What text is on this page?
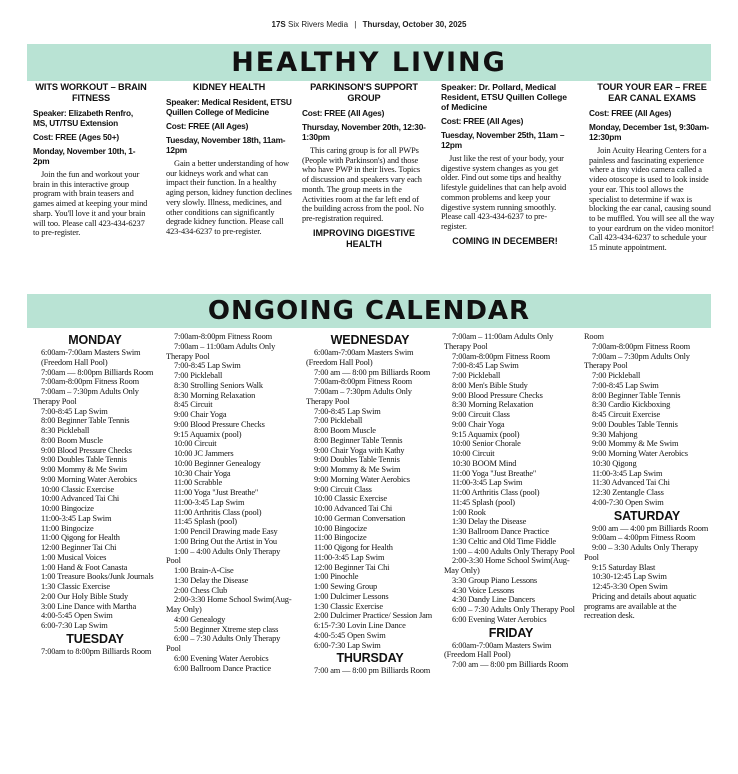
17S Six Rivers Media | Thursday, October 30, 2025
HEALTHY LIVING
WITS WORKOUT – BRAIN FITNESS
Speaker: Elizabeth Renfro, MS, UT/TSU Extension
Cost: FREE (Ages 50+)
Monday, November 10th, 1-2pm

Join the fun and workout your brain in this interactive group program with brain teasers and games aimed at keeping your mind sharp. You'll love it and your brain will too. Please call 423-434-6237 to pre-register.

KIDNEY HEALTH
Speaker: Medical Resident, ETSU Quillen College of Medicine
Cost: FREE (All Ages)
Tuesday, November 18th, 11am-12pm

Gain a better understanding of how our kidneys work and what can impact their function. In a healthy aging person, kidney function declines very slowly. Illness, medicines, and other conditions can significantly degrade kidney function. Please call 423-434-6237 to pre-register.

PARKINSON'S SUPPORT GROUP
Cost: FREE (All Ages)
Thursday, November 20th, 12:30-1:30pm

This caring group is for all PWPs (People with Parkinson's) and those who have PWP in their lives. Topics of discussion and speakers vary each month. The group meets in the Activities room at the far left end of the building across from the pool. No pre-registration required.

IMPROVING DIGESTIVE HEALTH
Speaker: Dr. Pollard, Medical Resident, ETSU Quillen College of Medicine
Cost: FREE (All Ages)
Tuesday, November 25th, 11am – 12pm

Just like the rest of your body, your digestive system changes as you get older. Find out some tips and healthy lifestyle guidelines that can help avoid common problems and keep your digestive system running smoothly. Please call 423-434-6237 to pre-register.

COMING IN DECEMBER!
TOUR YOUR EAR – FREE EAR CANAL EXAMS
Cost: FREE (All Ages)
Monday, December 1st, 9:30am-12:30pm

Join Acuity Hearing Centers for a painless and fascinating experience where a tiny video camera called a video otoscope is used to look inside your ear. This tool allows the specialist to determine if wax is blocking the ear canal, causing sound to be muffled. You will see all the way to your eardrum on the video monitor! Call 423-434-6237 to schedule your 15 minute appointment.

ONGOING CALENDAR
MONDAY
6:00am-7:00am Masters Swim
(Freedom Hall Pool)
7:00am — 8:00pm Billiards Room
7:00am-8:00pm Fitness Room
7:00am – 7:30pm Adults Only Therapy Pool
7:00-8:45 Lap Swim
8:00 Beginner Table Tennis
8:30 Pickleball
8:00 Boom Muscle
9:00 Blood Pressure Checks
9:00 Doubles Table Tennis
9:00 Mommy & Me Swim
9:00 Morning Water Aerobics
10:00 Classic Exercise
10:00 Advanced Tai Chi
10:00 Bingocize
11:00-3:45 Lap Swim
11:00 Bingocize
11:00 Qigong for Health
12:00 Beginner Tai Chi
1:00 Musical Voices
1:00 Hand & Foot Canasta
1:00 Treasure Books/Junk Journals
1:30 Classic Exercise
2:00 Our Holy Bible Study
3:00 Line Dance with Martha
4:00-5:45 Open Swim
6:00-7:30 Lap Swim
TUESDAY
7:00am to 8:00pm Billiards Room
7:00am-8:00pm Fitness Room
7:00am – 11:00am Adults Only Therapy Pool
7:00-8:45 Lap Swim
7:00 Pickleball
8:30 Strolling Seniors Walk
8:30 Morning Relaxation
8:45 Circuit
9:00 Chair Yoga
9:00 Blood Pressure Checks
9:15 Aquamix (pool)
10:00 Circuit
10:00 JC Jammers
10:00 Beginner Genealogy
10:30 Chair Yoga
11:00 Scrabble
11:00 Yoga "Just Breathe"
11:00-3:45 Lap Swim
11:00 Arthritis Class (pool)
11:45 Splash (pool)
1:00 Pencil Drawing made Easy
1:00 Bring Out the Artist in You
1:00 – 4:00 Adults Only Therapy Pool
1:00 Brain-A-Cise
1:30 Delay the Disease
2:00 Chess Club
2:00-3:30 Home School Swim(Aug-May Only)
4:00 Genealogy
5:00 Beginner Xtreme step class
6:00 – 7:30 Adults Only Therapy Pool
6:00 Evening Water Aerobics
6:00 Ballroom Dance Practice
WEDNESDAY
6:00am-7:00am Masters Swim (Freedom Hall Pool)
7:00 am — 8:00 pm Billiards Room
7:00am-8:00pm Fitness Room
7:00am – 7:30pm Adults Only Therapy Pool
7:00-8:45 Lap Swim
7:00 Pickleball
8:00 Boom Muscle
8:00 Beginner Table Tennis
9:00 Chair Yoga with Kathy
9:00 Doubles Table Tennis
9:00 Mommy & Me Swim
9:00 Morning Water Aerobics
9:00 Circuit Class
10:00 Classic Exercise
10:00 Advanced Tai Chi
10:00 German Conversation
10:00 Bingocize
11:00 Bingocize
11:00 Qigong for Health
11:00-3:45 Lap Swim
12:00 Beginner Tai Chi
1:00 Pinochle
1:00 Sewing Group
1:00 Dulcimer Lessons
1:30 Classic Exercise
2:00 Dulcimer Practice/ Session Jam
6:15-7:30 Lovin Line Dance
4:00-5:45 Open Swim
6:00-7:30 Lap Swim
THURSDAY
7:00 am — 8:00 pm Billiards Room
7:00am – 11:00am Adults Only Therapy Pool
7:00am-8:00pm Fitness Room
7:00-8:45 Lap Swim
7:00 Pickleball
8:00 Men's Bible Study
9:00 Blood Pressure Checks
8:30 Morning Relaxation
9:00 Circuit Class
9:00 Chair Yoga
9:15 Aquamix (pool)
10:00 Senior Chorale
10:00 Circuit
10:30 BOOM Mind
11:00 Yoga "Just Breathe"
11:00-3:45 Lap Swim
11:00 Arthritis Class (pool)
11:45 Splash (pool)
1:00 Rook
1:30 Delay the Disease
1:30 Ballroom Dance Practice
1:30 Celtic and Old Time Fiddle
1:00 – 4:00 Adults Only Therapy Pool
2:00-3:30 Home School Swim(Aug- May Only)
3:30 Group Piano Lessons
4:30 Voice Lessons
4:30 Dandy Line Dancers
6:00 – 7:30 Adults Only Therapy Pool
6:00 Evening Water Aerobics
FRIDAY
6:00am-7:00am Masters Swim (Freedom Hall Pool)
7:00 am — 8:00 pm Billiards Room
Room
7:00am-8:00pm Fitness Room
7:00am – 7:30pm Adults Only Therapy Pool
7:00 Pickleball
7:00-8:45 Lap Swim
8:00 Beginner Table Tennis
8:30 Cardio Kickboxing
8:45 Circuit Exercise
9:00 Doubles Table Tennis
9:30 Mahjong
9:00 Mommy & Me Swim
9:00 Morning Water Aerobics
10:30 Qigong
11:00-3:45 Lap Swim
11:30 Advanced Tai Chi
12:30 Zentangle Class
4:00-7:30 Open Swim
SATURDAY
9:00 am — 4:00 pm Billiards Room
9:00am – 4:00pm Fitness Room
9:00 – 3:30 Adults Only Therapy Pool
9:15 Saturday Blast
10:30-12:45 Lap Swim
12:45-3:30 Open Swim
Pricing and details about aquatic programs are available at the recreation desk.
